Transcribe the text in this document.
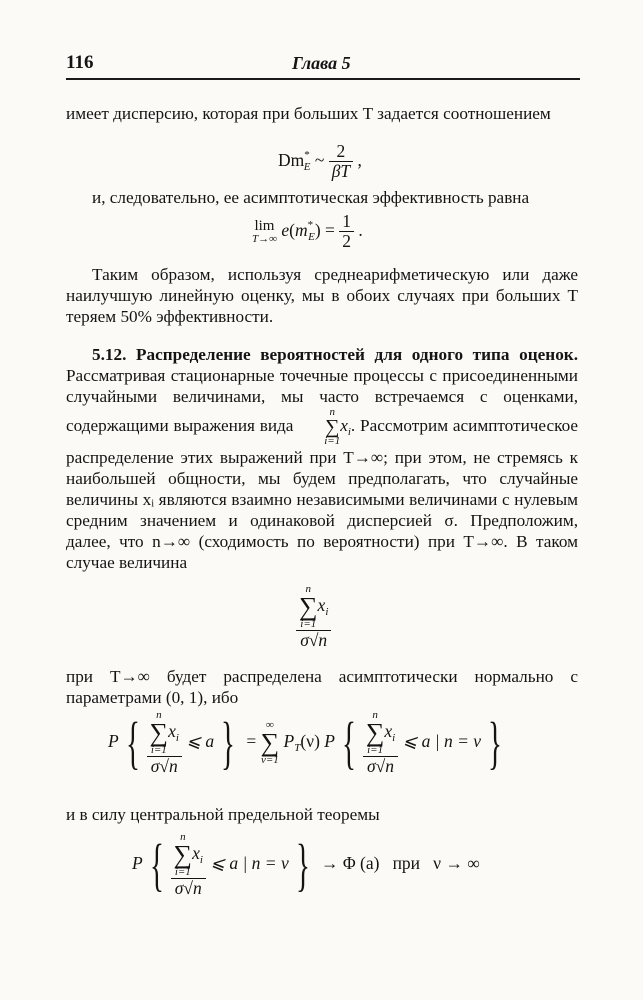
116	Глава 5
имеет дисперсию, которая при больших T задается соотношением
$Dm^*_E$ ~ $\frac{2}{\beta T}$ ,
и, следовательно, ее асимптотическая эффективность равна
lim
T→∞ $e(m^*_E) = \frac{1}{2}$ .
Таким образом, используя среднеарифметическую или даже наилучшую линейную оценку, мы в обоих случаях при больших T теряем 50% эффективности.
5.12. Распределение вероятностей для одного типа оценок. Рассматривая стационарные точечные процессы с присоединенными случайными величинами, мы часто встречаемся с оценками, содержащими выражения вида
n
∑
i=1
$x_i$. Рассмотрим асимптотическое распределение этих выражений при T→∞; при этом, не стремясь к наибольшей общности, мы будем предполагать, что случайные величины xᵢ являются взаимно независимыми величинами с нулевым средним значением и одинаковой дисперсией σ. Предположим, далее, что n→∞ (сходимость по вероятности) при T→∞. В таком случае величина
n
∑
i=1
$x_i$
σ√n
при T→∞ будет распределена асимптотически нормально с параметрами (0, 1), ибо
P { n
∑
i=1
$x_i$
σ√n ⩽ a } =
∞
∑
ν=1
$P_T(\nu)$ P { n
∑
i=1
$x_i$
σ√n ⩽ a | n = ν }
и в силу центральной предельной теоремы
P { n
∑
i=1
$x_i$
σ√n ⩽ a | n = ν } → Φ (a) при ν → ∞
